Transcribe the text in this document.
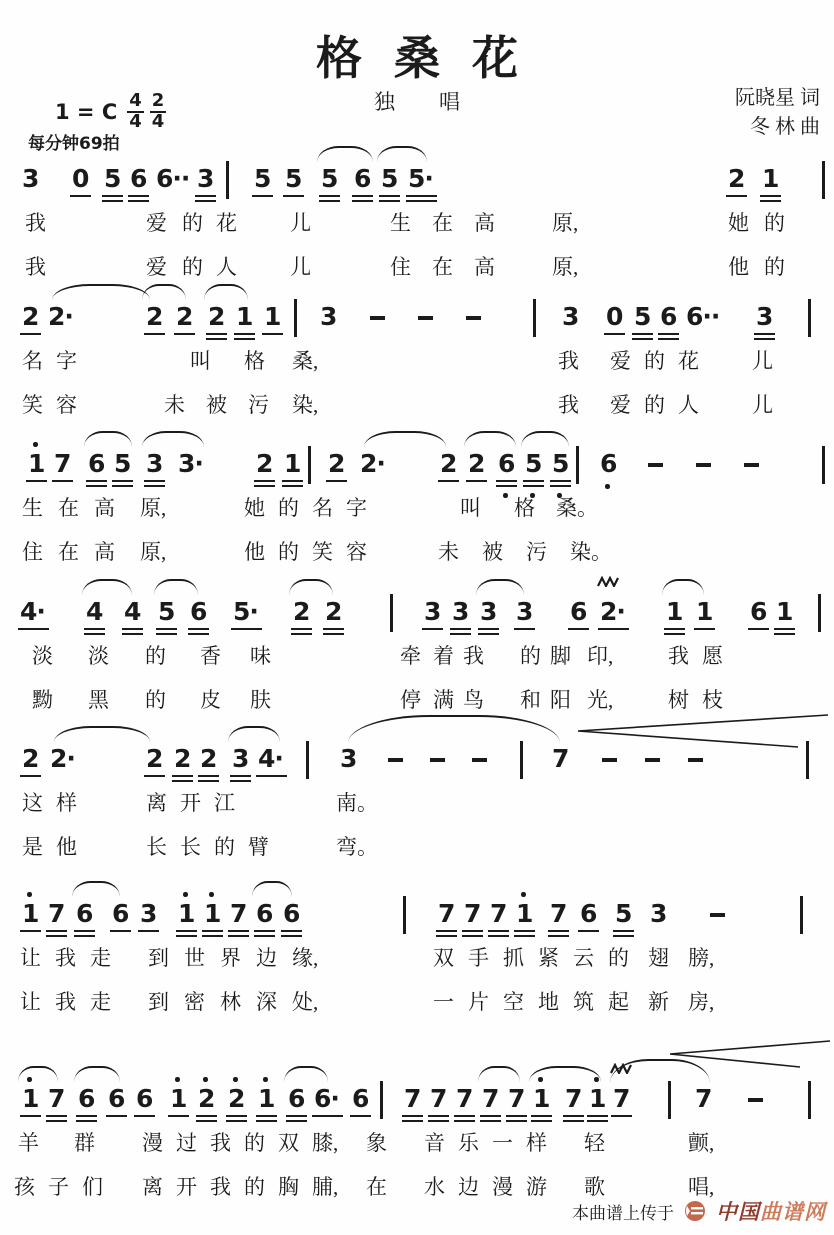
格桑花
独唱	阮晓星 词
冬 林 曲
1 = C $\frac{4}{4} \frac{2}{4}$
每分钟69拍
3 0 5 6 6·· 3 5 5 5 6 5 5·	2 1
我	爱 的 花	儿	生 在 高	原,	她 的
我	爱 的 人	儿	住 在 高	原,	他 的
2 2·	2 2 2 1 1 3	3 0 5 6 6·· 3
名 字	叫 格 桑,	我 爱 的 花	儿
笑 容	未 被 污 染,	我 爱 的 人	儿
1 7 6 5 3 3· 2 1 2 2· 2 2 6 5 5 6
生 在 高 原,	她 的 名 字	叫 格 桑。
住 在 高 原,	他 的 笑 容	未 被 污 染。
4· 4 4 5 6 5· 2 2	3 3 3 3 6 2· 1 1 6 1
淡 淡 的 香 味	牵 着 我 的 脚 印,	我 愿
黝 黑 的 皮 肤	停 满 鸟 和 阳 光,	树 枝
2 2·	2 2 2 3 4· 3	7
这 样	离 开 江	南。
是 他	长 长 的 臂	弯。
1 7 6 6 3 1 1 7 6 6	7 7 7 1 7 6 5 3
让 我 走 到 世 界 边 缘,	双 手 抓 紧 云 的 翅 膀,
让 我 走 到 密 林 深 处,	一 片 空 地 筑 起 新 房,
1 7 6 6 6 1 2 2 1 6 6· 6 7 7 7 7 7 1 7 1 7	7
羊 群 漫 过 我 的 双 膝, 象 音 乐 一 样 轻	颤,
孩 子 们 离 开 我 的 胸 脯, 在 水 边 漫 游 歌	唱,
本曲谱上传于 中国曲谱网
